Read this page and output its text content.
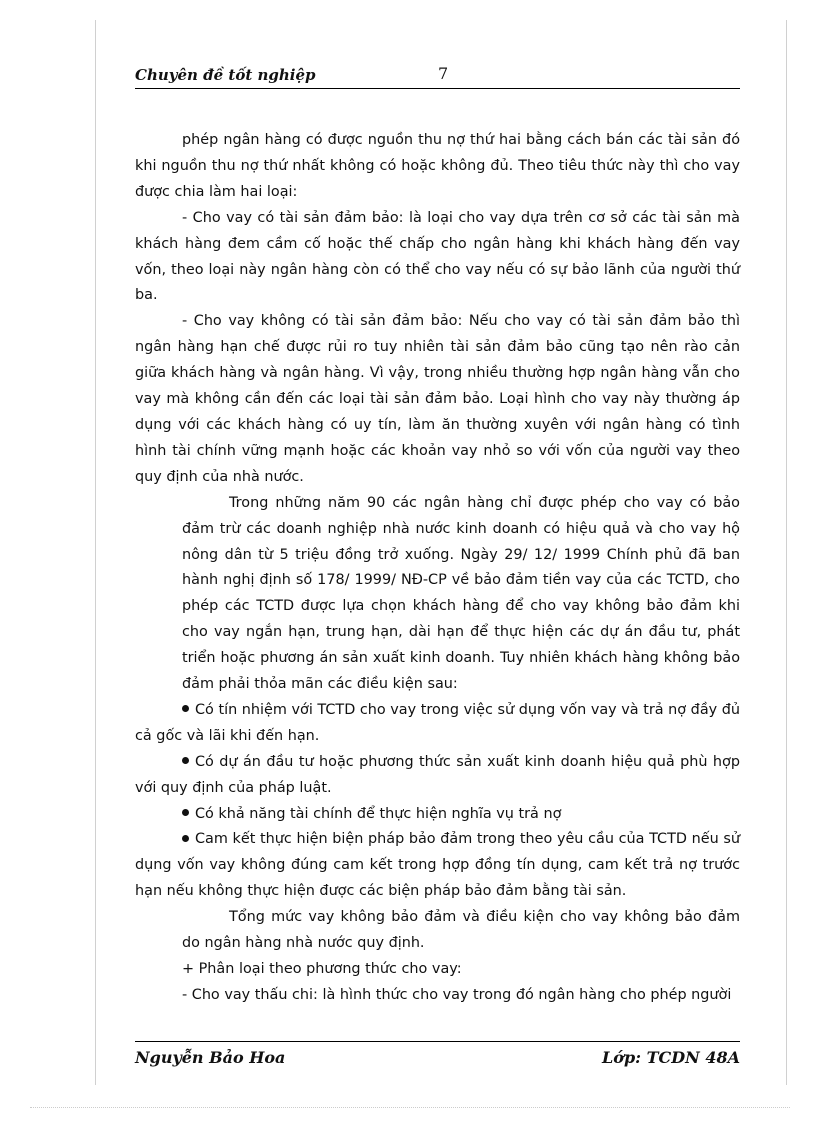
Chuyên đề tốt nghiệp	7

phép ngân hàng có được nguồn thu nợ thứ hai bằng cách bán các tài sản đó khi nguồn thu nợ thứ nhất không có hoặc không đủ. Theo tiêu thức này thì cho vay được chia làm hai loại:

- Cho vay có tài sản đảm bảo: là loại cho vay dựa trên cơ sở các tài sản mà khách hàng đem cầm cố hoặc thế chấp cho ngân hàng khi khách hàng đến vay vốn, theo loại này ngân hàng còn có thể cho vay nếu có sự bảo lãnh của người thứ ba.

- Cho vay không có tài sản đảm bảo: Nếu cho vay có tài sản đảm bảo thì ngân hàng hạn chế được rủi ro tuy nhiên tài sản đảm bảo cũng tạo nên rào cản giữa khách hàng và ngân hàng. Vì vậy, trong nhiều thường hợp ngân hàng vẫn cho vay mà không cần đến các loại tài sản đảm bảo. Loại hình cho vay này thường áp dụng với các khách hàng có uy tín, làm ăn thường xuyên với ngân hàng có tình hình tài chính vững mạnh hoặc các khoản vay nhỏ so với vốn của người vay theo quy định của nhà nước.

Trong những năm 90 các ngân hàng chỉ được phép cho vay có bảo đảm trừ các doanh nghiệp nhà nước kinh doanh có hiệu quả và cho vay hộ nông dân từ 5 triệu đồng trở xuống. Ngày 29/ 12/ 1999 Chính phủ đã ban hành nghị định số 178/ 1999/ NĐ-CP về bảo đảm tiền vay của các TCTD, cho phép các TCTD được lựa chọn khách hàng để cho vay không bảo đảm khi cho vay ngắn hạn, trung hạn, dài hạn để thực hiện các dự án đầu tư, phát triển hoặc phương án sản xuất kinh doanh. Tuy nhiên khách hàng không bảo đảm phải thỏa mãn các điều kiện sau:

Có tín nhiệm với TCTD cho vay trong việc sử dụng vốn vay và trả nợ đầy đủ cả gốc và lãi khi đến hạn.

Có dự án đầu tư hoặc phương thức sản xuất kinh doanh hiệu quả phù hợp với quy định của pháp luật.

Có khả năng tài chính để thực hiện nghĩa vụ trả nợ

Cam kết thực hiện biện pháp bảo đảm trong theo yêu cầu của TCTD nếu sử dụng vốn vay không đúng cam kết trong hợp đồng tín dụng, cam kết trả nợ trước hạn nếu không thực hiện được các biện pháp bảo đảm bằng tài sản.

Tổng mức vay không bảo đảm và điều kiện cho vay không bảo đảm do ngân hàng nhà nước quy định.

+ Phân loại theo phương thức cho vay:

- Cho vay thấu chi: là hình thức cho vay trong đó ngân hàng cho phép người

Nguyễn Bảo Hoa	Lớp: TCDN 48A
